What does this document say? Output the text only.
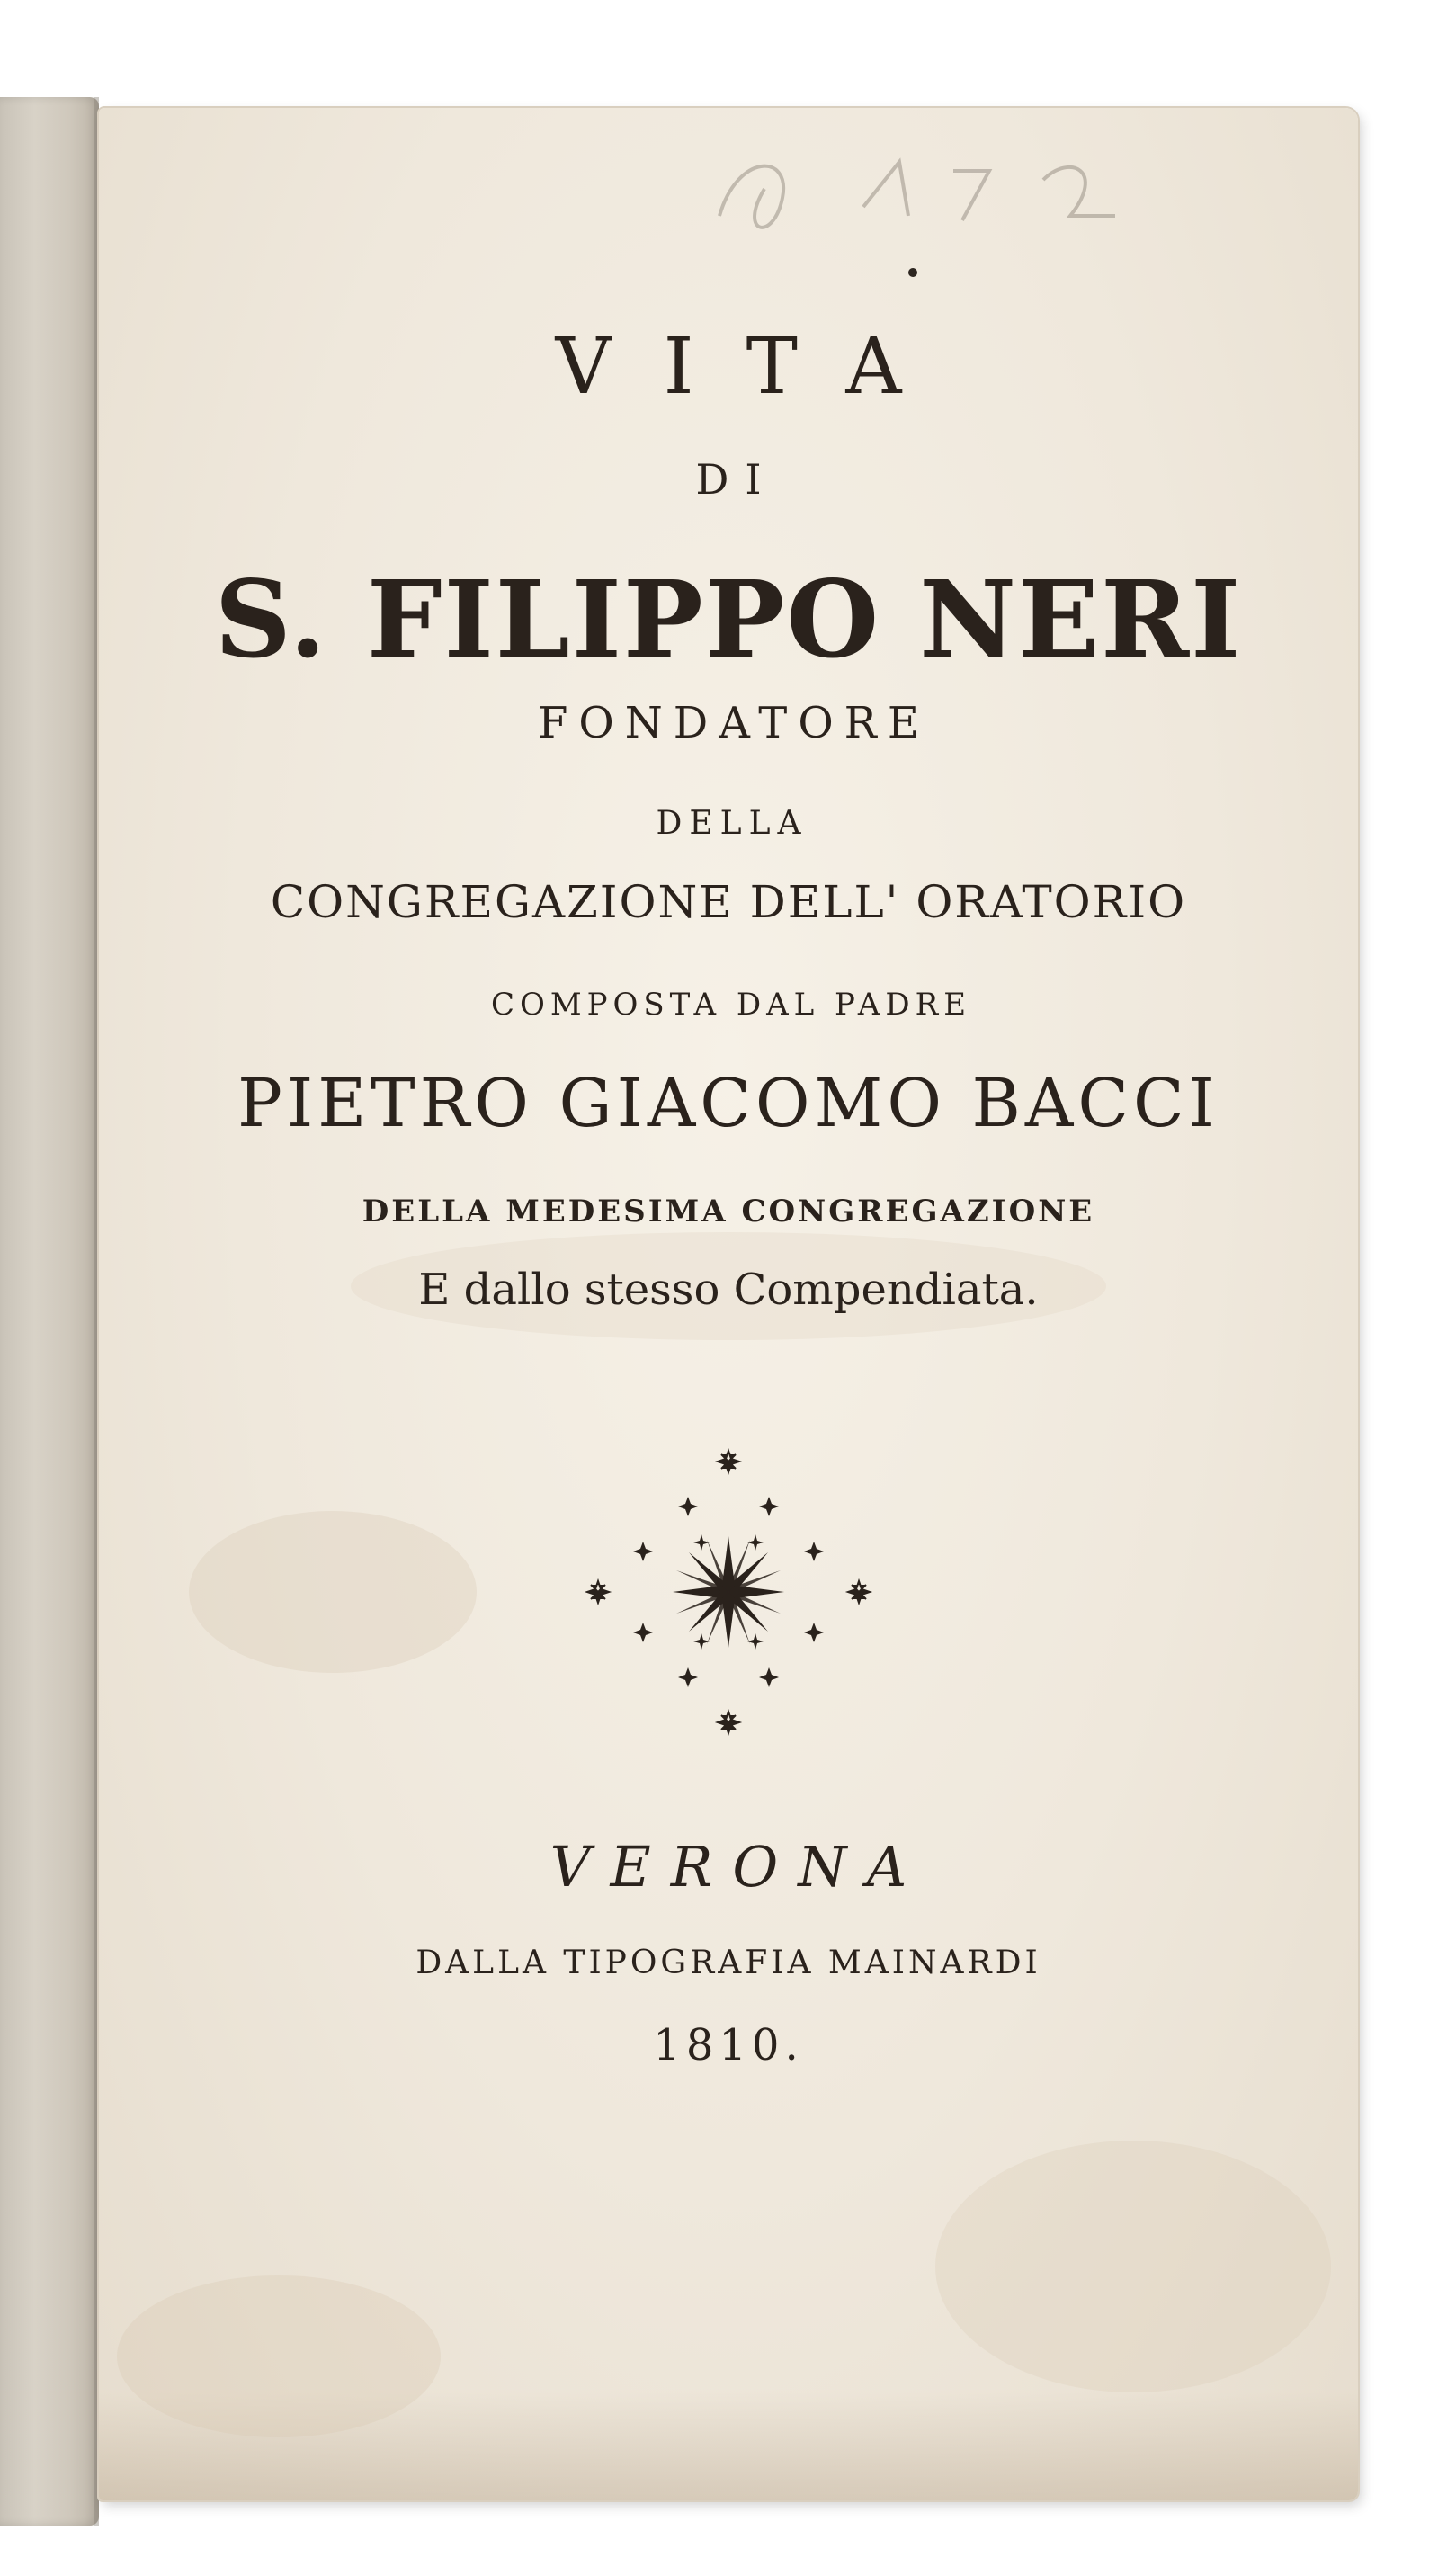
VITA
DI
S. FILIPPO NERI
FONDATORE
DELLA
CONGREGAZIONE DELL' ORATORIO
COMPOSTA DAL PADRE
PIETRO GIACOMO BACCI
DELLA MEDESIMA CONGREGAZIONE
E dallo stesso Compendiata.
VERONA
DALLA TIPOGRAFIA MAINARDI
1810.
